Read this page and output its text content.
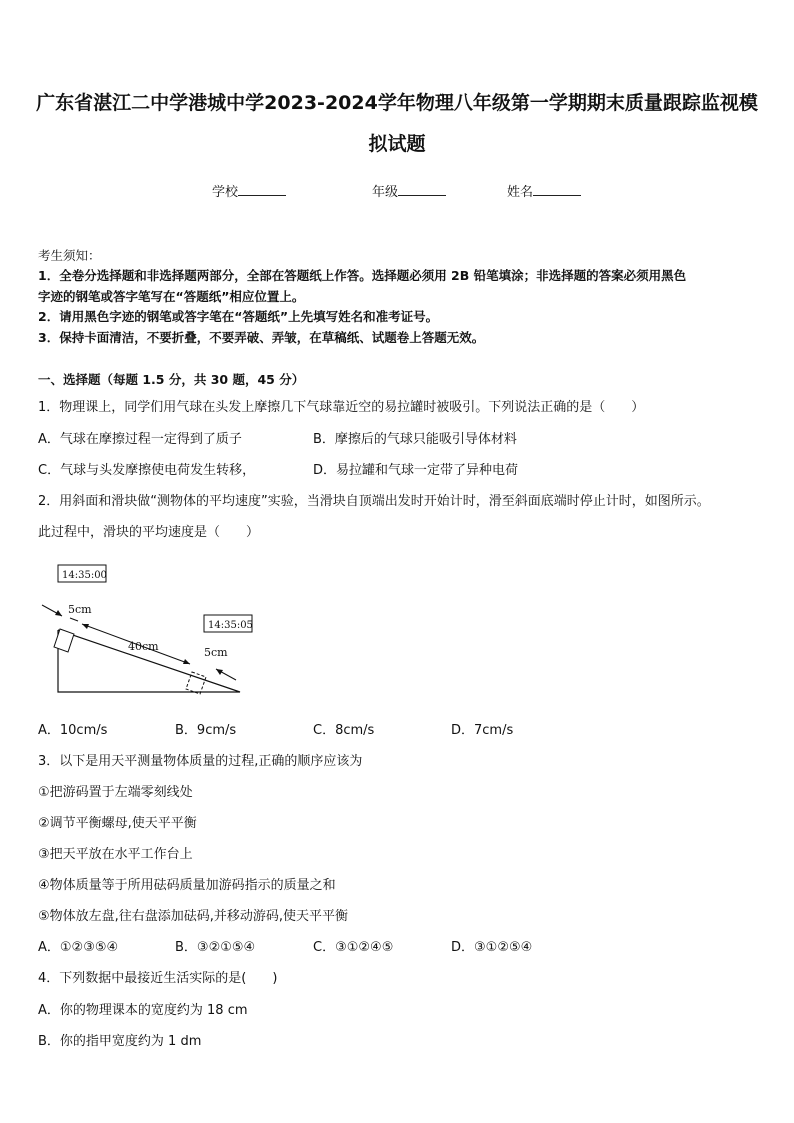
广东省湛江二中学港城中学2023-2024学年物理八年级第一学期期末质量跟踪监视模
拟试题
学校	年级	姓名
考生须知：
1．全卷分选择题和非选择题两部分，全部在答题纸上作答。选择题必须用 2B 铅笔填涂；非选择题的答案必须用黑色
字迹的钢笔或答字笔写在“答题纸”相应位置上。
2．请用黑色字迹的钢笔或答字笔在“答题纸”上先填写姓名和准考证号。
3．保持卡面清洁，不要折叠，不要弄破、弄皱，在草稿纸、试题卷上答题无效。
一、选择题（每题 1.5 分，共 30 题，45 分）
1．物理课上，同学们用气球在头发上摩擦几下气球靠近空的易拉罐时被吸引。下列说法正确的是（　　）
A．气球在摩擦过程一定得到了质子	B．摩擦后的气球只能吸引导体材料
C．气球与头发摩擦使电荷发生转移，	D．易拉罐和气球一定带了异种电荷
2．用斜面和滑块做“测物体的平均速度”实验，当滑块自顶端出发时开始计时，滑至斜面底端时停止计时，如图所示。
此过程中，滑块的平均速度是（　　）
14:35:00
14:35:05
5cm
40cm	5cm
A．10cm/s	B．9cm/s	C．8cm/s	D．7cm/s
3．以下是用天平测量物体质量的过程,正确的顺序应该为
①把游码置于左端零刻线处
②调节平衡螺母,使天平平衡
③把天平放在水平工作台上
④物体质量等于所用砝码质量加游码指示的质量之和
⑤物体放左盘,往右盘添加砝码,并移动游码,使天平平衡
A．①②③⑤④	B．③②①⑤④	C．③①②④⑤	D．③①②⑤④
4．下列数据中最接近生活实际的是(　　)
A．你的物理课本的宽度约为 18 cm
B．你的指甲宽度约为 1 dm
